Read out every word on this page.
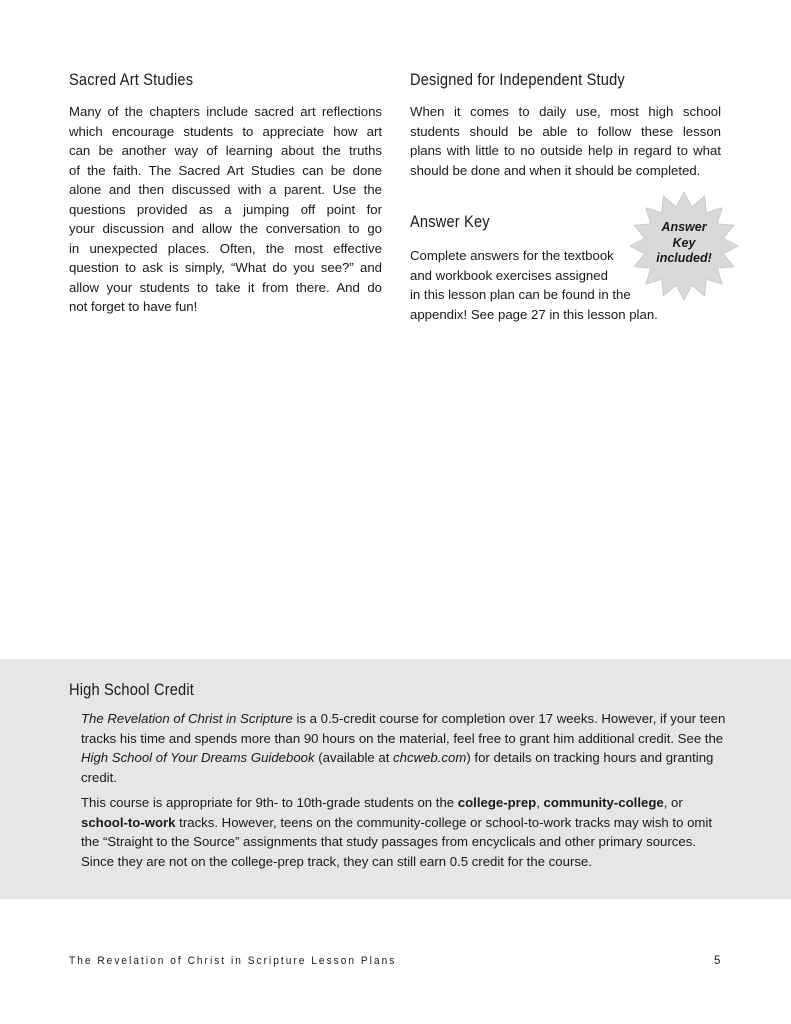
Sacred Art Studies
Many of the chapters include sacred art reflections
which encourage students to appreciate how art
can be another way of learning about the truths
of the faith. The Sacred Art Studies can be done
alone and then discussed with a parent. Use the
questions provided as a jumping off point for
your discussion and allow the conversation to go
in unexpected places. Often, the most effective
question to ask is simply, “What do you see?” and
allow your students to take it from there. And do
not forget to have fun!
Designed for Independent Study
When it comes to daily use, most high school
students should be able to follow these lesson
plans with little to no outside help in regard to what
should be done and when it should be completed.
Answer Key
Complete answers for the textbook
and workbook exercises assigned
in this lesson plan can be found in the
appendix! See page 27 in this lesson plan.
Answer
Key
included!
High School Credit

The Revelation of Christ in Scripture is a 0.5-credit course for completion over 17 weeks. However, if your teen tracks his time and spends more than 90 hours on the material, feel free to grant him additional credit. See the High School of Your Dreams Guidebook (available at chcweb.com) for details on tracking hours and granting credit.

This course is appropriate for 9th- to 10th-grade students on the college-prep, community-college, or school-to-work tracks. However, teens on the community-college or school-to-work tracks may wish to omit the “Straight to the Source” assignments that study passages from encyclicals and other primary sources. Since they are not on the college-prep track, they can still earn 0.5 credit for the course.

The Revelation of Christ in Scripture Lesson Plans	5
